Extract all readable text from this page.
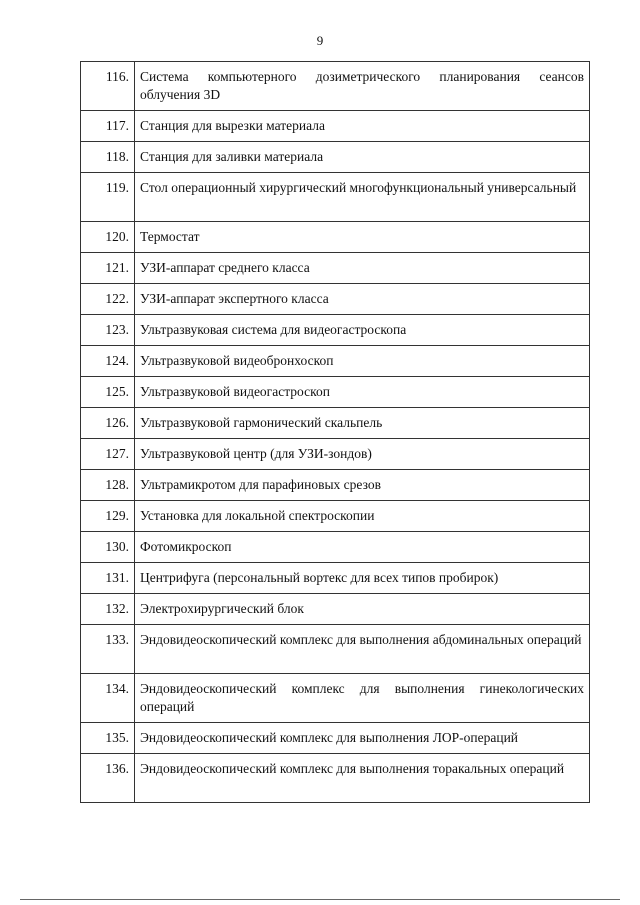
9
116.	Система компьютерного дозиметрического планирования сеансов облучения 3D
117.	Станция для вырезки материала
118.	Станция для заливки материала
119.	Стол операционный хирургический многофункциональный универсальный
120.	Термостат
121.	УЗИ-аппарат среднего класса
122.	УЗИ-аппарат экспертного класса
123.	Ультразвуковая система для видеогастроскопа
124.	Ультразвуковой видеобронхоскоп
125.	Ультразвуковой видеогастроскоп
126.	Ультразвуковой гармонический скальпель
127.	Ультразвуковой центр (для УЗИ-зондов)
128.	Ультрамикротом для парафиновых срезов
129.	Установка для локальной спектроскопии
130.	Фотомикроскоп
131.	Центрифуга (персональный вортекс для всех типов пробирок)
132.	Электрохирургический блок
133.	Эндовидеоскопический комплекс для выполнения абдоминальных операций
134.	Эндовидеоскопический комплекс для выполнения гинекологических операций
135.	Эндовидеоскопический комплекс для выполнения ЛОР-операций
136.	Эндовидеоскопический комплекс для выполнения торакальных операций
